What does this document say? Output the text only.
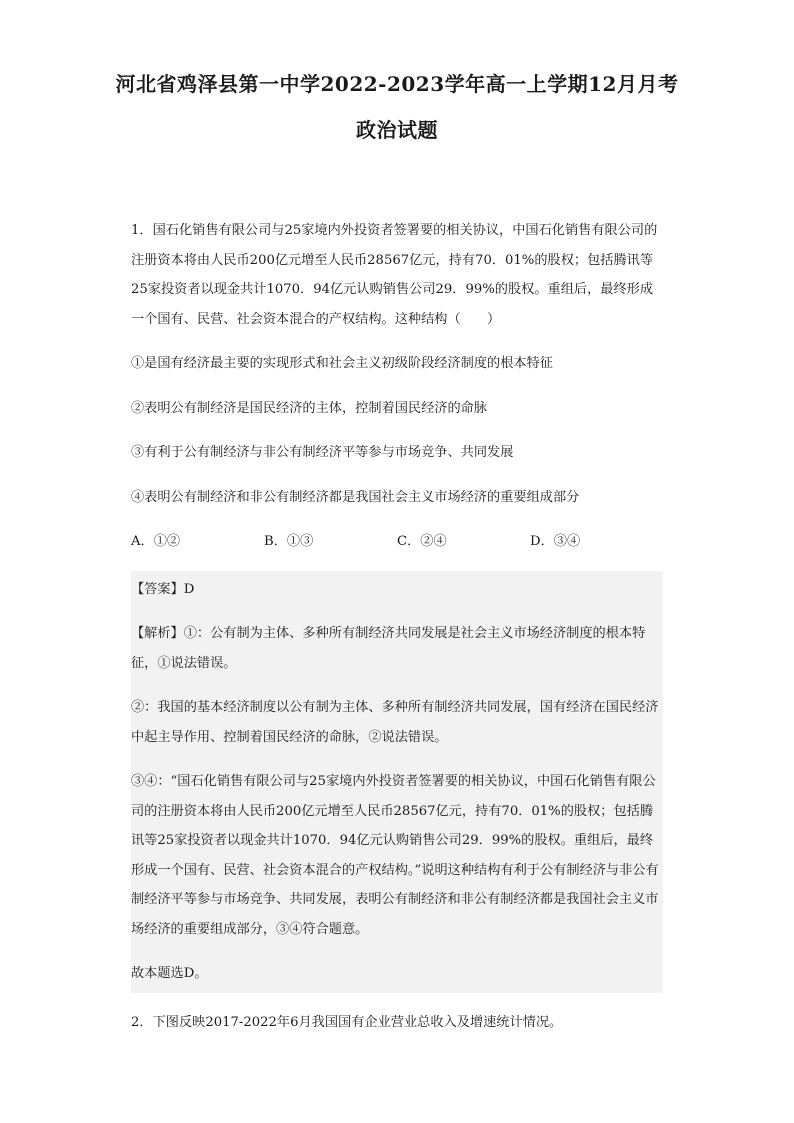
河北省鸡泽县第一中学2022-2023学年高一上学期12月月考
政治试题

1．国石化销售有限公司与25家境内外投资者签署要的相关协议，中国石化销售有限公司的注册资本将由人民币200亿元增至人民币28567亿元，持有70．01%的股权；包括腾讯等25家投资者以现金共计1070．94亿元认购销售公司29．99%的股权。重组后，最终形成一个国有、民营、社会资本混合的产权结构。这种结构（　　）

①是国有经济最主要的实现形式和社会主义初级阶段经济制度的根本特征

②表明公有制经济是国民经济的主体，控制着国民经济的命脉

③有利于公有制经济与非公有制经济平等参与市场竞争、共同发展

④表明公有制经济和非公有制经济都是我国社会主义市场经济的重要组成部分

A．①②	B．①③	C．②④	D．③④

【答案】D

【解析】①：公有制为主体、多种所有制经济共同发展是社会主义市场经济制度的根本特征，①说法错误。

②：我国的基本经济制度以公有制为主体、多种所有制经济共同发展，国有经济在国民经济中起主导作用、控制着国民经济的命脉，②说法错误。

③④：“国石化销售有限公司与25家境内外投资者签署要的相关协议，中国石化销售有限公司的注册资本将由人民币200亿元增至人民币28567亿元，持有70．01%的股权；包括腾讯等25家投资者以现金共计1070．94亿元认购销售公司29．99%的股权。重组后，最终形成一个国有、民营、社会资本混合的产权结构。”说明这种结构有利于公有制经济与非公有制经济平等参与市场竞争、共同发展，表明公有制经济和非公有制经济都是我国社会主义市场经济的重要组成部分，③④符合题意。

故本题选D。

2．下图反映2017-2022年6月我国国有企业营业总收入及增速统计情况。
